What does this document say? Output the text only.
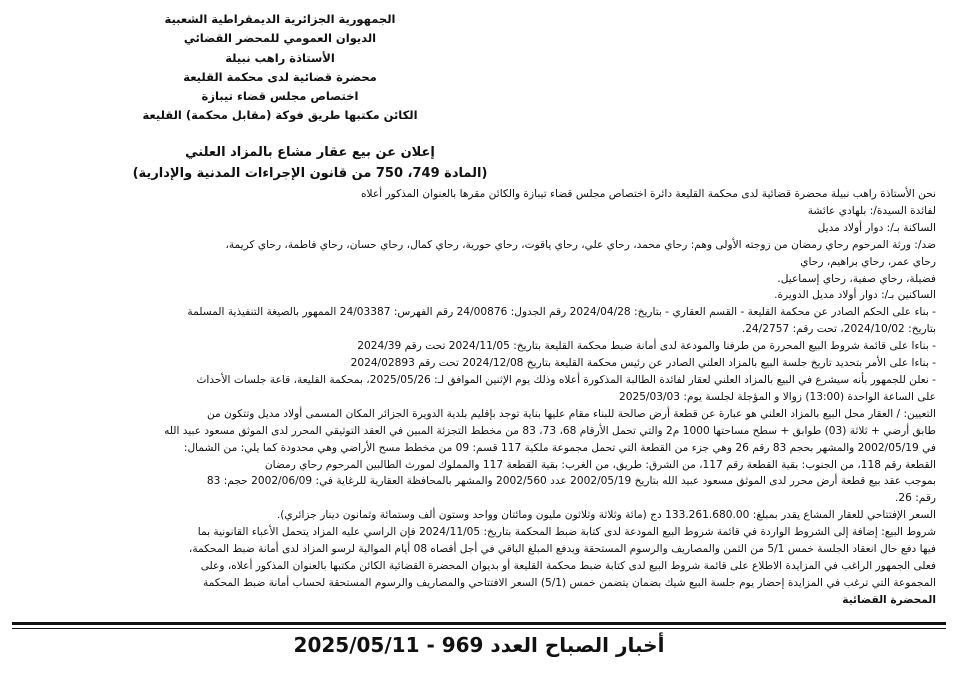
الجمهورية الجزائرية الديمقراطية الشعبية
الديوان العمومي للمحضر القضائي
الأستاذة راهب نبيلة
محضرة قضائية لدى محكمة القليعة
اختصاص مجلس قضاء تيبازة
الكائن مكتبها طريق فوكة (مقابل محكمة) القليعة
إعلان عن بيع عقار مشاع بالمزاد العلني
(المادة 749، 750 من قانون الإجراءات المدنية والإدارية)
نحن الأستاذة راهب نبيلة محضرة قضائية لدى محكمة القليعة دائرة اختصاص مجلس قضاء تيبازة والكائن مقرها بالعنوان المذكور أعلاه
لفائدة السيدة/: بلهادي عائشة
الساكنة بـ/: دوار أولاد مديل
ضد/: ورثة المرحوم رحاي رمضان من زوجته الأولى وهم: رحاي محمد، رحاي علي، رحاي ياقوت، رحاي حورية، رحاي كمال، رحاي حسان، رحاي فاطمة، رحاي كريمة،
رحاي عمر، رحاي براهيم، رحاي
فضيلة، رحاي صفية، رحاي إسماعيل.
الساكنين بـ/: دوار أولاد مديل الدويرة.
- بناء على الحكم الصادر عن محكمة القليعة - القسم العقاري - بتاريخ: 2024/04/28 رقم الجدول: 24/00876 رقم الفهرس: 24/03387 الممهور بالصيغة التنفيذية المسلمة
بتاريخ: 2024/10/02، تحت رقم: 24/2757.
- بناءا على قائمة شروط البيع المحررة من طرفنا والمودعة لدى أمانة ضبط محكمة القليعة بتاريخ: 2024/11/05 تحت رقم 2024/39
- بناءا على الأمر بتحديد تاريخ جلسة البيع بالمزاد العلني الصادر عن رئيس محكمة القليعة بتاريخ 2024/12/08 تحت رقم 2024/02893
- نعلن للجمهور بأنه سيشرع في البيع بالمزاد العلني لعقار لفائدة الطالبة المذكورة أعلاه وذلك يوم الإثنين الموافق لـ: 2025/05/26، بمحكمة القليعة، قاعة جلسات الأحداث
على الساعة الواحدة (13:00) زوالا و المؤجلة لجلسة يوم: 2025/03/03
التعيين: / العقار محل البيع بالمزاد العلني هو عبارة عن قطعة أرض صالحة للبناء مقام عليها بناية توجد بإقليم بلدية الدويرة الجزائر المكان المسمى أولاد مديل وتتكون من
طابق أرضي + ثلاثة (03) طوابق + سطح مساحتها 1000 م2 والتي تحمل الأرقام 68، 73، 83 من مخطط التجزئة المبين في العقد التوثيقي المحرر لدى الموثق مسعود عبيد الله
في 2002/05/19 والمشهر بحجم 83 رقم 26 وهي جزء من القطعة التي تحمل مجموعة ملكية 117 قسم: 09 من مخطط مسح الأراضي وهي محدودة كما يلي: من الشمال:
القطعة رقم 118، من الجنوب: بقية القطعة رقم 117، من الشرق: طريق، من الغرب: بقية القطعة 117 والمملوك لمورث الطالبين المرحوم رحاي رمضان
بموجب عقد بيع قطعة أرض محرر لدى الموثق مسعود عبيد الله بتاريخ 2002/05/19 عدد 2002/560 والمشهر بالمحافظة العقارية للرغاية في: 2002/06/09 حجم: 83
رقم: 26.
السعر الإفتتاحي للعقار المشاع يقدر بمبلغ: 133.261.680.00 دج (مائة وثلاثة وثلاثون مليون ومائتان وواحد وستون ألف وستمائة وثمانون دينار جزائري).
شروط البيع: إضافة إلى الشروط الواردة في قائمة شروط البيع المودعة لدى كتابة ضبط المحكمة بتاريخ: 2024/11/05 فإن الراسي عليه المزاد يتحمل الأعباء القانونية بما
فيها دفع حال انعقاد الجلسة خمس 5/1 من الثمن والمصاريف والرسوم المستحقة ويدفع المبلغ الباقي في أجل أقصاه 08 أيام الموالية لرسو المزاد لدى أمانة ضبط المحكمة،
فعلى الجمهور الراغب في المزايدة الاطلاع على قائمة شروط البيع لدى كتابة ضبط محكمة القليعة أو بديوان المحضرة القضائية الكائن مكتبها بالعنوان المذكور أعلاه، وعلى
المجموعة التي ترغب في المزايدة إحضار يوم جلسة البيع شيك بضمان يتضمن خمس (5/1) السعر الافتتاحي والمصاريف والرسوم المستحقة لحساب أمانة ضبط المحكمة
المحضرة القضائية
أخبار الصباح العدد 969 - 2025/05/11
